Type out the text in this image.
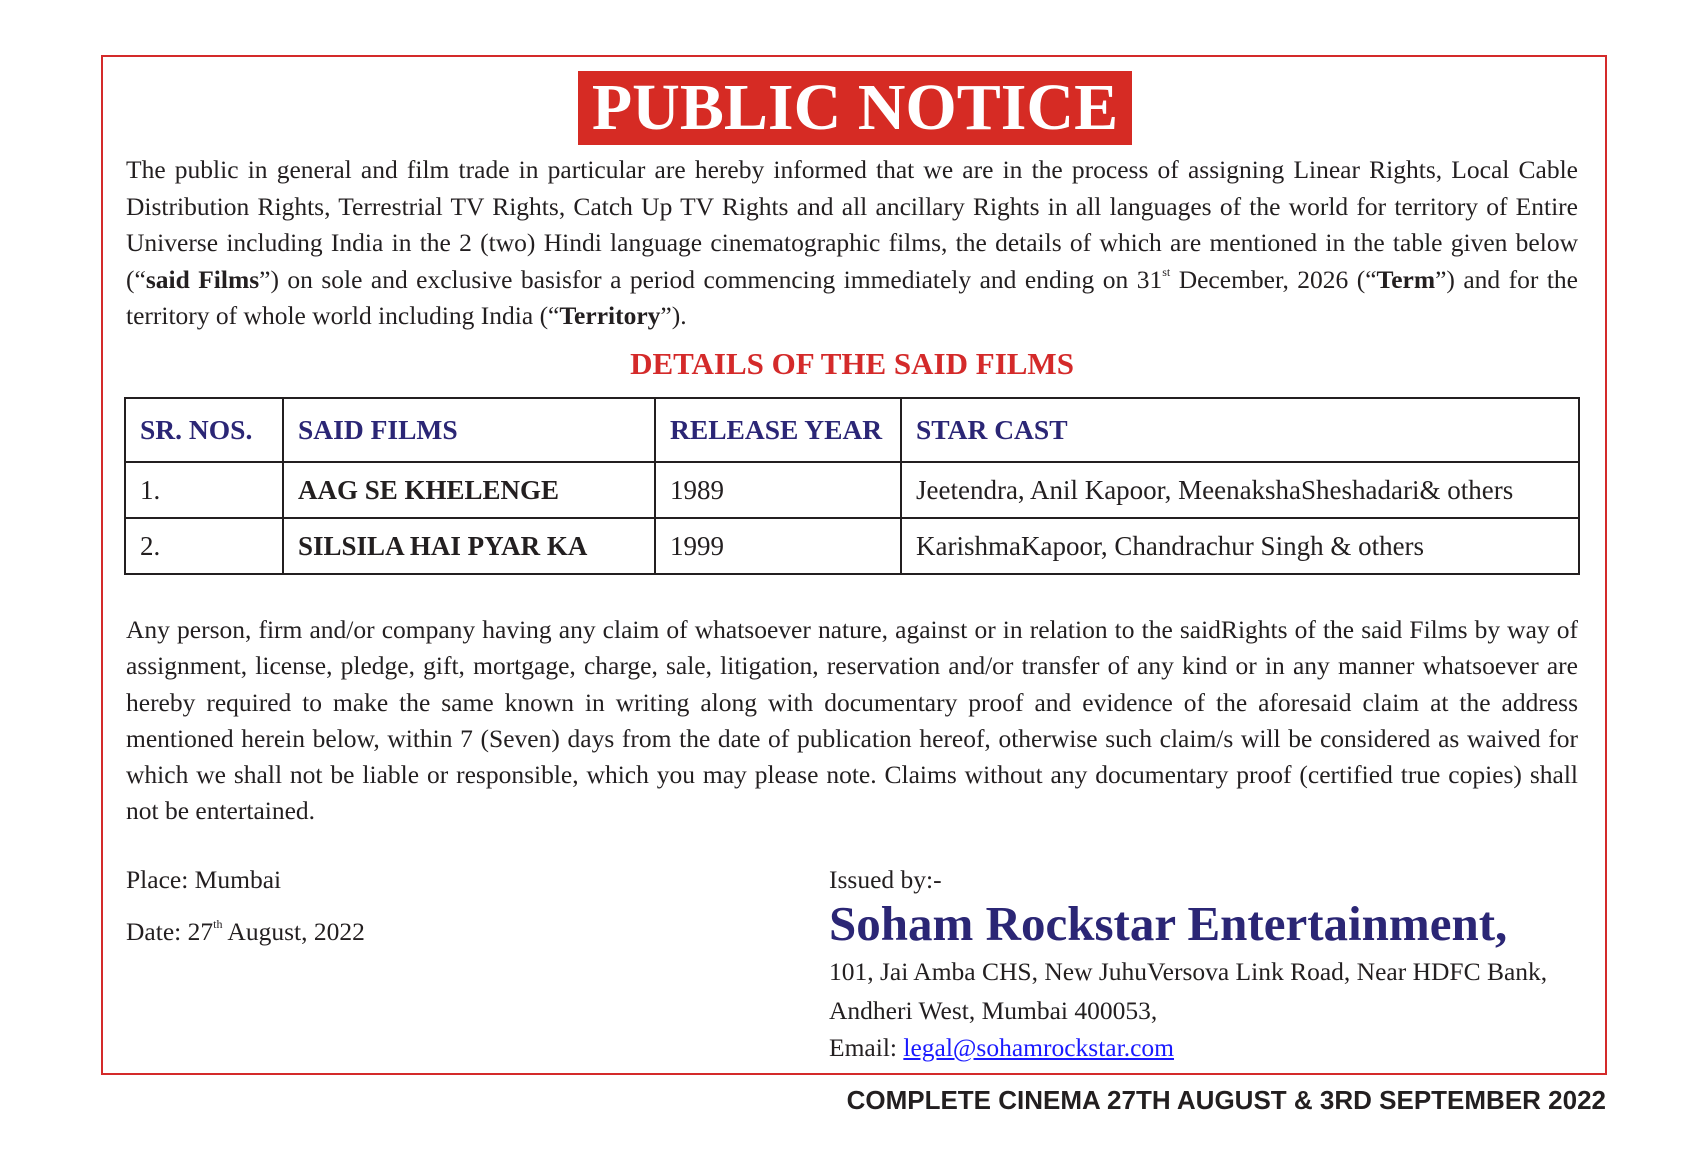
PUBLIC NOTICE

The public in general and film trade in particular are hereby informed that we are in the process of assigning Linear Rights, Local Cable Distribution Rights, Terrestrial TV Rights, Catch Up TV Rights and all ancillary Rights in all languages of the world for territory of Entire Universe including India in the 2 (two) Hindi language cinematographic films, the details of which are mentioned in the table given below (“said Films”) on sole and exclusive basisfor a period commencing immediately and ending on 31st December, 2026 (“Term”) and for the territory of whole world including India (“Territory”).

DETAILS OF THE SAID FILMS
SR. NOS.	SAID FILMS	RELEASE YEAR	STAR CAST
1.	AAG SE KHELENGE	1989	Jeetendra, Anil Kapoor, MeenakshaSheshadari& others
2.	SILSILA HAI PYAR KA	1999	KarishmaKapoor, Chandrachur Singh & others

Any person, firm and/or company having any claim of whatsoever nature, against or in relation to the saidRights of the said Films by way of assignment, license, pledge, gift, mortgage, charge, sale, litigation, reservation and/or transfer of any kind or in any manner whatsoever are hereby required to make the same known in writing along with documentary proof and evidence of the aforesaid claim at the address mentioned herein below, within 7 (Seven) days from the date of publication hereof, otherwise such claim/s will be considered as waived for which we shall not be liable or responsible, which you may please note. Claims without any documentary proof (certified true copies) shall not be entertained.

Place: Mumbai
Date: 27th August, 2022
Issued by:-
Soham Rockstar Entertainment,
101, Jai Amba CHS, New JuhuVersova Link Road, Near HDFC Bank,
Andheri West, Mumbai 400053,
Email: legal@sohamrockstar.com
COMPLETE CINEMA 27TH AUGUST & 3RD SEPTEMBER 2022
